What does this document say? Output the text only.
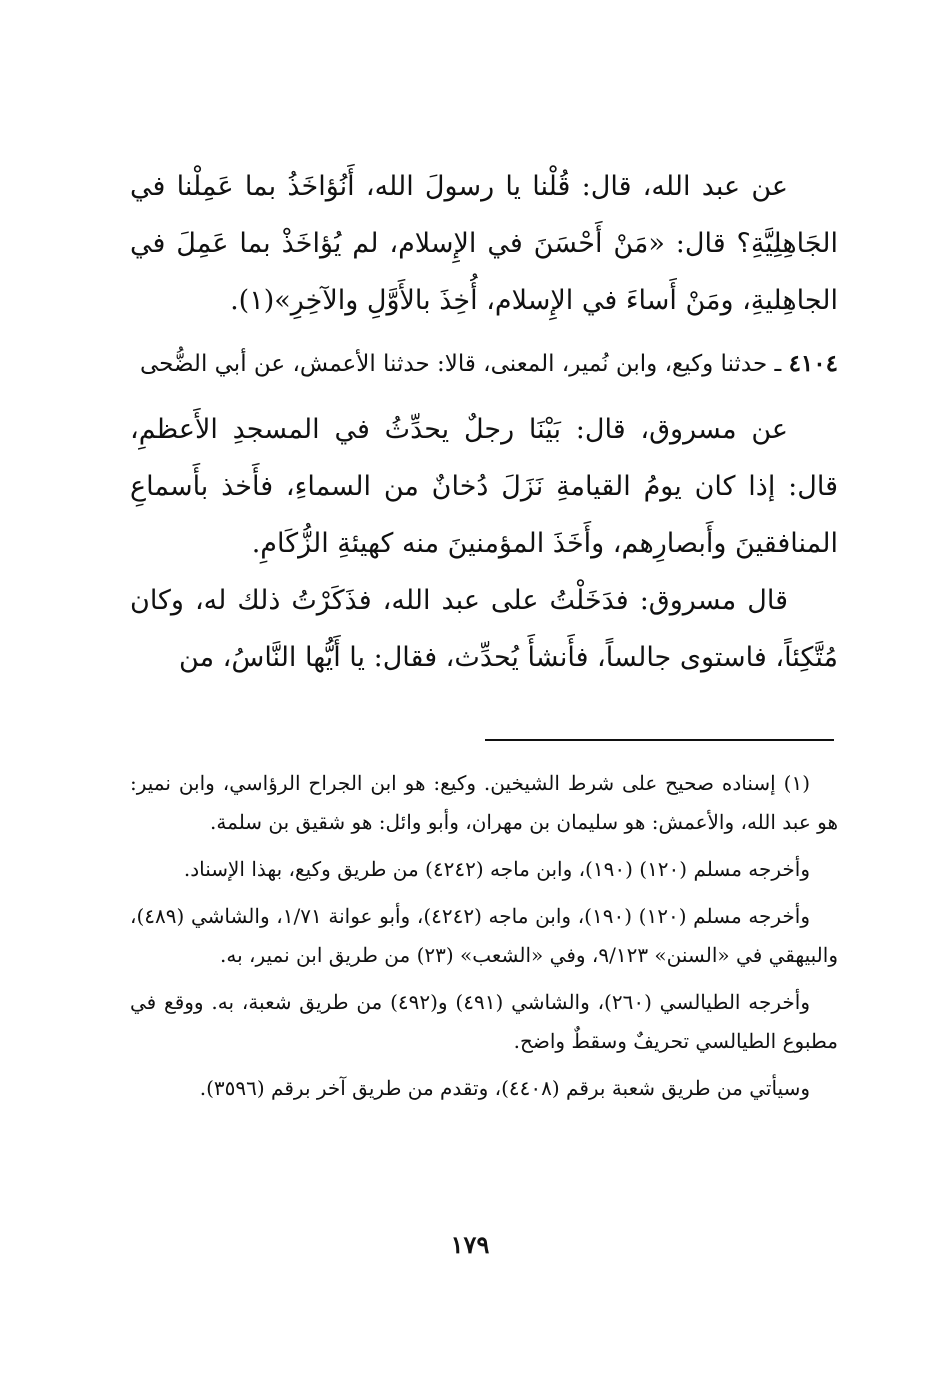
عن عبد الله، قال: قُلْنا يا رسولَ الله، أَنُؤاخَذُ بما عَمِلْنا في الجَاهِلِيَّةِ؟ قال: «مَنْ أَحْسَنَ في الإِسلام، لم يُؤاخَذْ بما عَمِلَ في الجاهِليةِ، ومَنْ أَساءَ في الإِسلام، أُخِذَ بالأَوَّلِ والآخِرِ»(١).

٤١٠٤ ـ حدثنا وكيع، وابن نُمير، المعنى، قالا: حدثنا الأعمش، عن أبي الضُّحى

عن مسروق، قال: بَيْنَا رجلٌ يحدِّثُ في المسجدِ الأَعظمِ، قال: إذا كان يومُ القيامةِ نَزَلَ دُخانٌ من السماءِ، فأَخذ بأَسماعِ المنافقينَ وأَبصارِهم، وأَخَذَ المؤمنينَ منه كهيئةِ الزُّكَامِ.

قال مسروق: فدَخَلْتُ على عبد الله، فذَكَرْتُ ذلك له، وكان مُتَّكِئاً، فاستوى جالساً، فأَنشأَ يُحدِّث، فقال: يا أَيُّها النَّاسُ، من

(١) إسناده صحيح على شرط الشيخين. وكيع: هو ابن الجراح الرؤاسي، وابن نمير: هو عبد الله، والأعمش: هو سليمان بن مهران، وأبو وائل: هو شقيق بن سلمة.

وأخرجه مسلم (١٢٠) (١٩٠)، وابن ماجه (٤٢٤٢) من طريق وكيع، بهذا الإسناد.

وأخرجه مسلم (١٢٠) (١٩٠)، وابن ماجه (٤٢٤٢)، وأبو عوانة ١/٧١، والشاشي (٤٨٩)، والبيهقي في «السنن» ٩/١٢٣، وفي «الشعب» (٢٣) من طريق ابن نمير، به.

وأخرجه الطيالسي (٢٦٠)، والشاشي (٤٩١) و(٤٩٢) من طريق شعبة، به. ووقع في مطبوع الطيالسي تحريفٌ وسقطٌ واضح.

وسيأتي من طريق شعبة برقم (٤٤٠٨)، وتقدم من طريق آخر برقم (٣٥٩٦).

١٧٩
